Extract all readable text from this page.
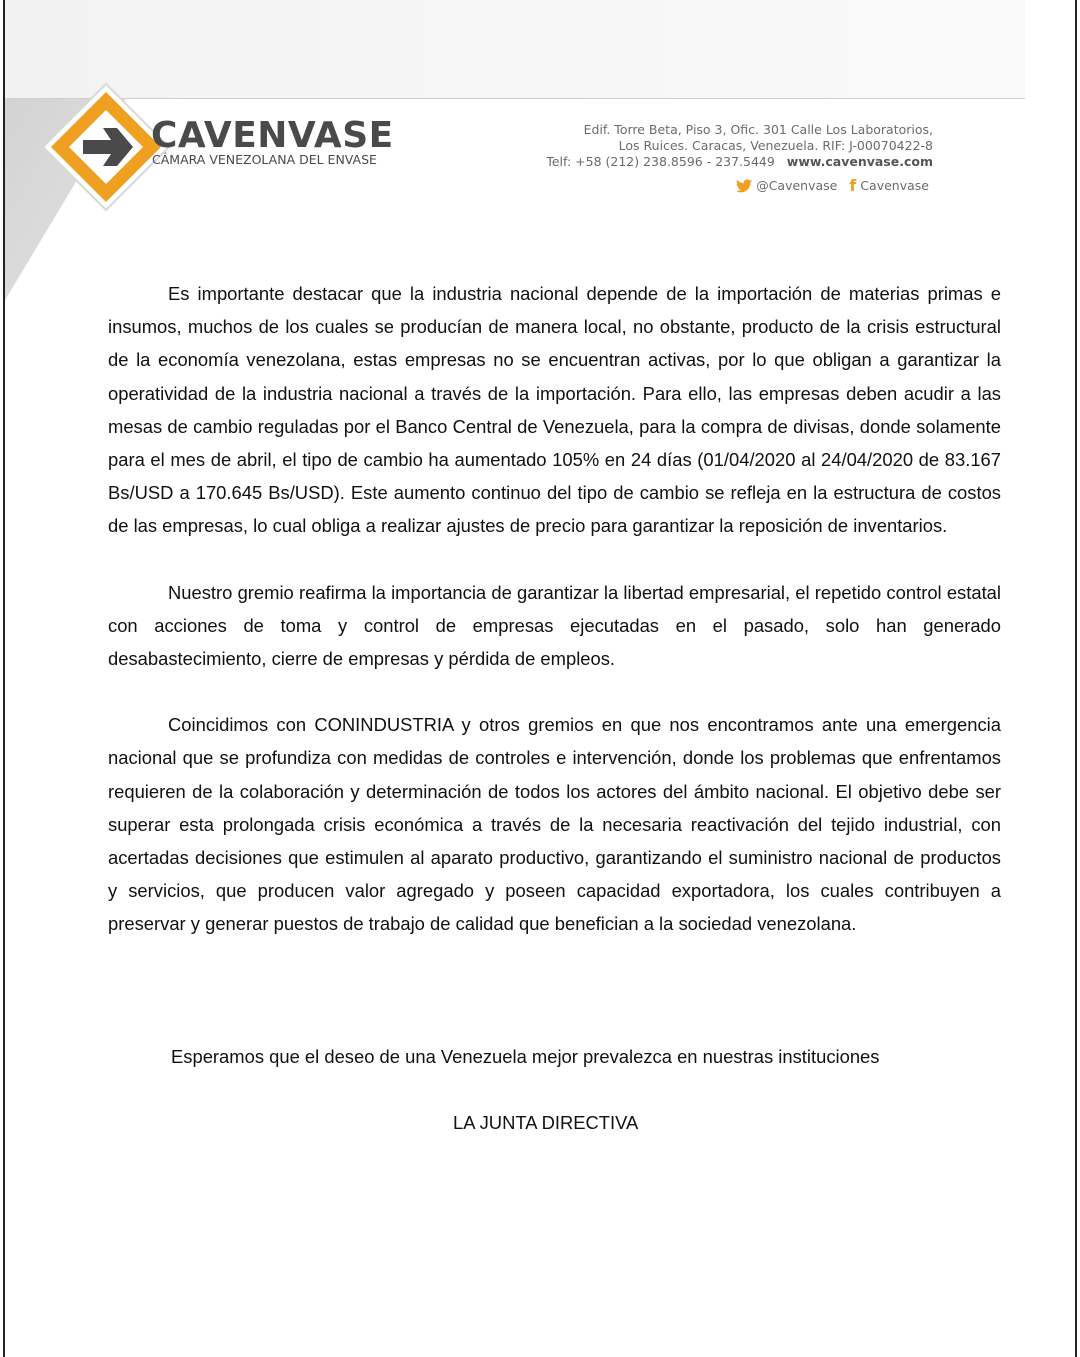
CAVENVASE
CÁMARA VENEZOLANA DEL ENVASE
Edif. Torre Beta, Piso 3, Ofic. 301 Calle Los Laboratorios,
Los Ruices. Caracas, Venezuela. RIF: J-00070422-8
Telf: +58 (212) 238.8596 - 237.5449 www.cavenvase.com
@Cavenvase f Cavenvase

Es importante destacar que la industria nacional depende de la importación de materias primas e insumos, muchos de los cuales se producían de manera local, no obstante, producto de la crisis estructural de la economía venezolana, estas empresas no se encuentran activas, por lo que obligan a garantizar la operatividad de la industria nacional a través de la importación. Para ello, las empresas deben acudir a las mesas de cambio reguladas por el Banco Central de Venezuela, para la compra de divisas, donde solamente para el mes de abril, el tipo de cambio ha aumentado 105% en 24 días (01/04/2020 al 24/04/2020 de 83.167 Bs/USD a 170.645 Bs/USD). Este aumento continuo del tipo de cambio se refleja en la estructura de costos de las empresas, lo cual obliga a realizar ajustes de precio para garantizar la reposición de inventarios.

Nuestro gremio reafirma la importancia de garantizar la libertad empresarial, el repetido control estatal con acciones de toma y control de empresas ejecutadas en el pasado, solo han generado desabastecimiento, cierre de empresas y pérdida de empleos.

Coincidimos con CONINDUSTRIA y otros gremios en que nos encontramos ante una emergencia nacional que se profundiza con medidas de controles e intervención, donde los problemas que enfrentamos requieren de la colaboración y determinación de todos los actores del ámbito nacional. El objetivo debe ser superar esta prolongada crisis económica a través de la necesaria reactivación del tejido industrial, con acertadas decisiones que estimulen al aparato productivo, garantizando el suministro nacional de productos y servicios, que producen valor agregado y poseen capacidad exportadora, los cuales contribuyen a preservar y generar puestos de trabajo de calidad que benefician a la sociedad venezolana.

Esperamos que el deseo de una Venezuela mejor prevalezca en nuestras instituciones
LA JUNTA DIRECTIVA
